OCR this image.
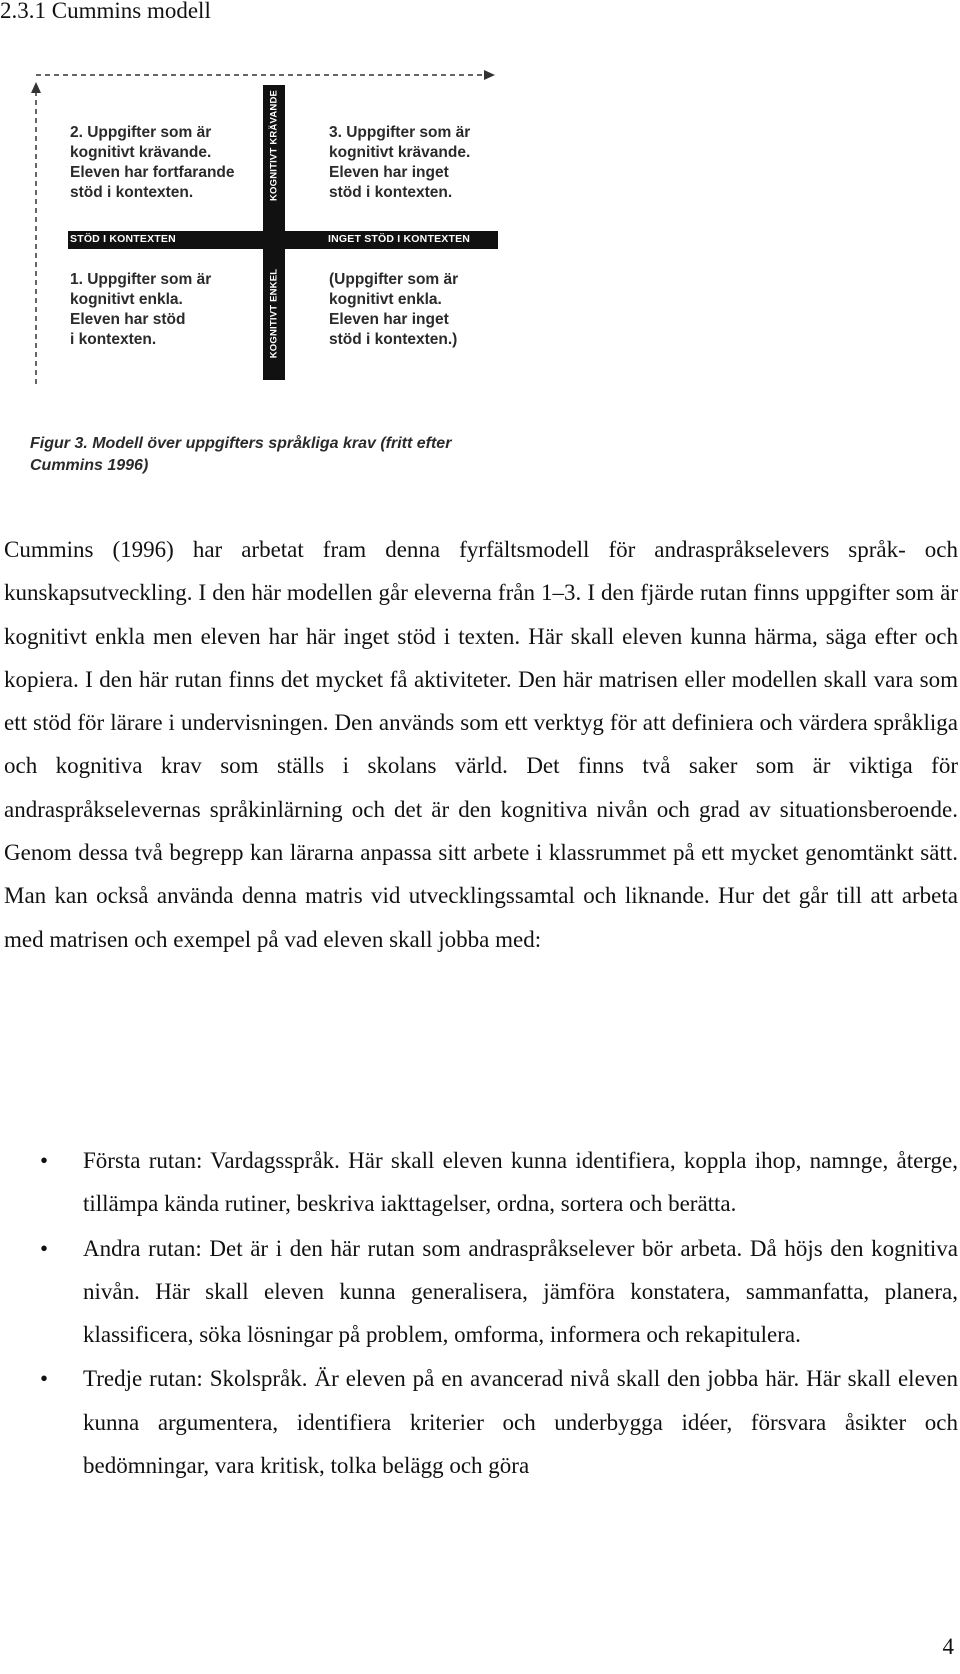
2.3.1 Cummins modell
STÖD I KONTEXTEN	INGET STÖD I KONTEXTEN
KOGNITIVT KRÄVANDE
KOGNITIVT ENKEL
2. Uppgifter som är
kognitivt krävande.
Eleven har fortfarande
stöd i kontexten.
3. Uppgifter som är
kognitivt krävande.
Eleven har inget
stöd i kontexten.
1. Uppgifter som är
kognitivt enkla.
Eleven har stöd
i kontexten.
(Uppgifter som är
kognitivt enkla.
Eleven har inget
stöd i kontexten.)
Figur 3. Modell över uppgifters språkliga krav (fritt efter
Cummins 1996)

Cummins (1996) har arbetat fram denna fyrfältsmodell för andraspråkselevers språk- och kunskapsutveckling. I den här modellen går eleverna från 1–3. I den fjärde rutan finns uppgifter som är kognitivt enkla men eleven har här inget stöd i texten. Här skall eleven kunna härma, säga efter och kopiera. I den här rutan finns det mycket få aktiviteter. Den här matrisen eller modellen skall vara som ett stöd för lärare i undervisningen. Den används som ett verktyg för att definiera och värdera språkliga och kognitiva krav som ställs i skolans värld. Det finns två saker som är viktiga för andraspråkselevernas språkinlärning och det är den kognitiva nivån och grad av situationsberoende. Genom dessa två begrepp kan lärarna anpassa sitt arbete i klassrummet på ett mycket genomtänkt sätt. Man kan också använda denna matris vid utvecklingssamtal och liknande. Hur det går till att arbeta med matrisen och exempel på vad eleven skall jobba med:

• Första rutan: Vardagsspråk. Här skall eleven kunna identifiera, koppla ihop, namnge, återge, tillämpa kända rutiner, beskriva iakttagelser, ordna, sortera och berätta.
• Andra rutan: Det är i den här rutan som andraspråkselever bör arbeta. Då höjs den kognitiva nivån. Här skall eleven kunna generalisera, jämföra konstatera, sammanfatta, planera, klassificera, söka lösningar på problem, omforma, informera och rekapitulera.
• Tredje rutan: Skolspråk. Är eleven på en avancerad nivå skall den jobba här. Här skall eleven kunna argumentera, identifiera kriterier och underbygga idéer, försvara åsikter och bedömningar, vara kritisk, tolka belägg och göra
4
